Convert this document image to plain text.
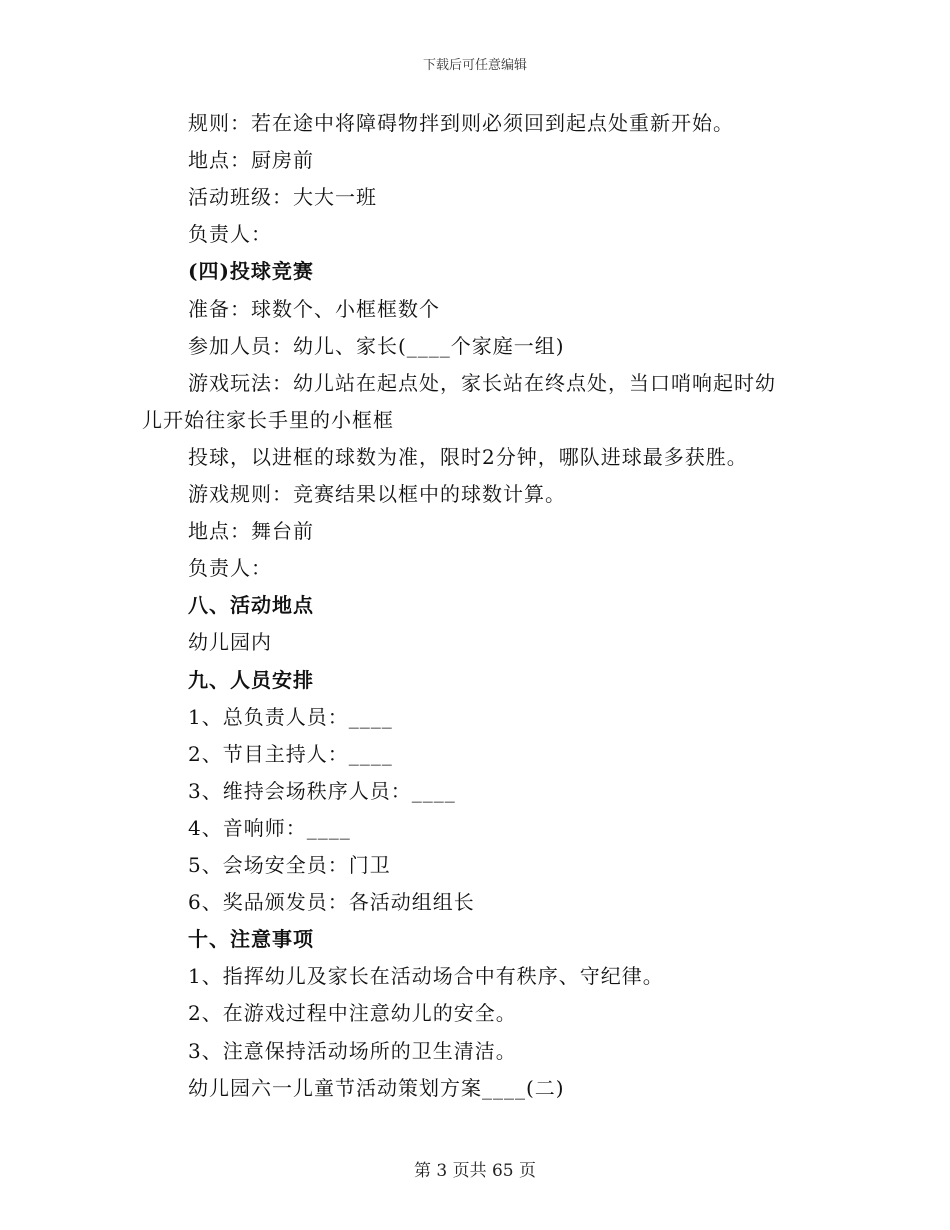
下载后可任意编辑
规则：若在途中将障碍物拌到则必须回到起点处重新开始。
地点：厨房前
活动班级：大大一班
负责人：
(四)投球竞赛
准备：球数个、小框框数个
参加人员：幼儿、家长(____个家庭一组)
游戏玩法：幼儿站在起点处，家长站在终点处，当口哨响起时幼
儿开始往家长手里的小框框
投球，以进框的球数为准，限时2分钟，哪队进球最多获胜。
游戏规则：竞赛结果以框中的球数计算。
地点：舞台前
负责人：
八、活动地点
幼儿园内
九、人员安排
1、总负责人员：____
2、节目主持人：____
3、维持会场秩序人员：____
4、音响师：____
5、会场安全员：门卫
6、奖品颁发员：各活动组组长
十、注意事项
1、指挥幼儿及家长在活动场合中有秩序、守纪律。
2、在游戏过程中注意幼儿的安全。
3、注意保持活动场所的卫生清洁。
幼儿园六一儿童节活动策划方案____(二)
第 3 页共 65 页
